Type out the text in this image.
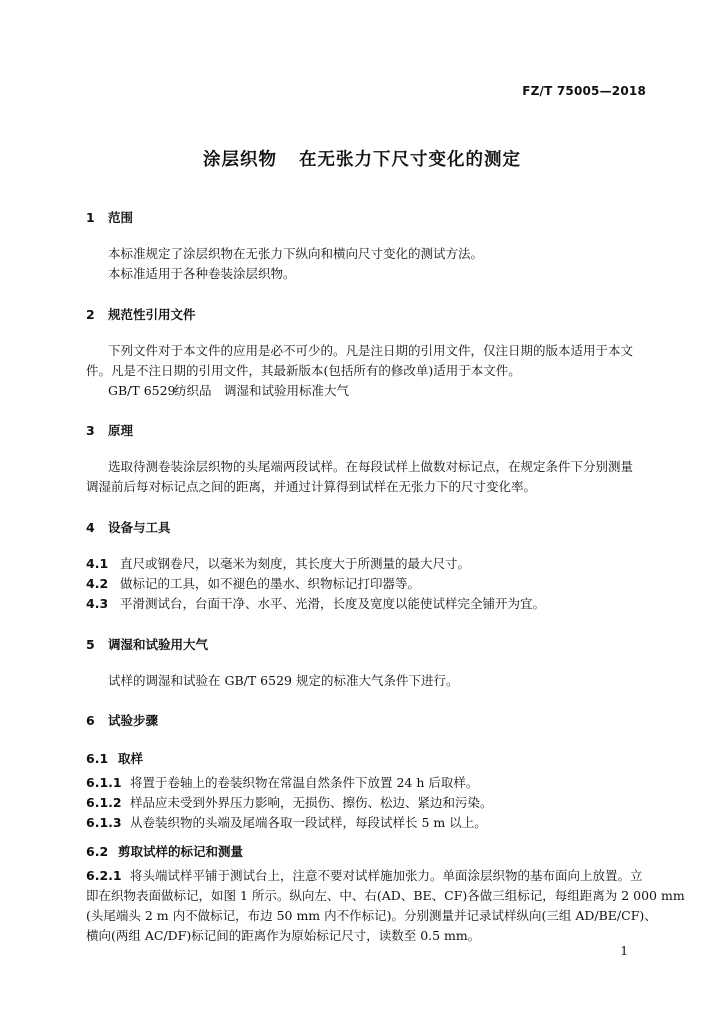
FZ/T 75005—2018
涂层织物 在无张力下尺寸变化的测定
1 范围
本标准规定了涂层织物在无张力下纵向和横向尺寸变化的测试方法。
本标准适用于各种卷装涂层织物。
2 规范性引用文件
下列文件对于本文件的应用是必不可少的。凡是注日期的引用文件，仅注日期的版本适用于本文
件。凡是不注日期的引用文件，其最新版本(包括所有的修改单)适用于本文件。
GB/T 6529纺织品 调湿和试验用标准大气
3 原理
选取待测卷装涂层织物的头尾端两段试样。在每段试样上做数对标记点，在规定条件下分别测量
调湿前后每对标记点之间的距离，并通过计算得到试样在无张力下的尺寸变化率。
4 设备与工具
4.1 直尺或钢卷尺，以毫米为刻度，其长度大于所测量的最大尺寸。
4.2 做标记的工具，如不褪色的墨水、织物标记打印器等。
4.3 平滑测试台，台面干净、水平、光滑，长度及宽度以能使试样完全铺开为宜。
5 调湿和试验用大气
试样的调湿和试验在 GB/T 6529 规定的标准大气条件下进行。
6 试验步骤
6.1 取样
6.1.1 将置于卷轴上的卷装织物在常温自然条件下放置 24 h 后取样。
6.1.2 样品应未受到外界压力影响，无损伤、擦伤、松边、紧边和污染。
6.1.3 从卷装织物的头端及尾端各取一段试样，每段试样长 5 m 以上。
6.2 剪取试样的标记和测量
6.2.1 将头端试样平铺于测试台上，注意不要对试样施加张力。单面涂层织物的基布面向上放置。立
即在织物表面做标记，如图 1 所示。纵向左、中、右(AD、BE、CF)各做三组标记，每组距离为 2 000 mm
(头尾端头 2 m 内不做标记，布边 50 mm 内不作标记)。分别测量并记录试样纵向(三组 AD/BE/CF)、
横向(两组 AC/DF)标记间的距离作为原始标记尺寸，读数至 0.5 mm。
1
